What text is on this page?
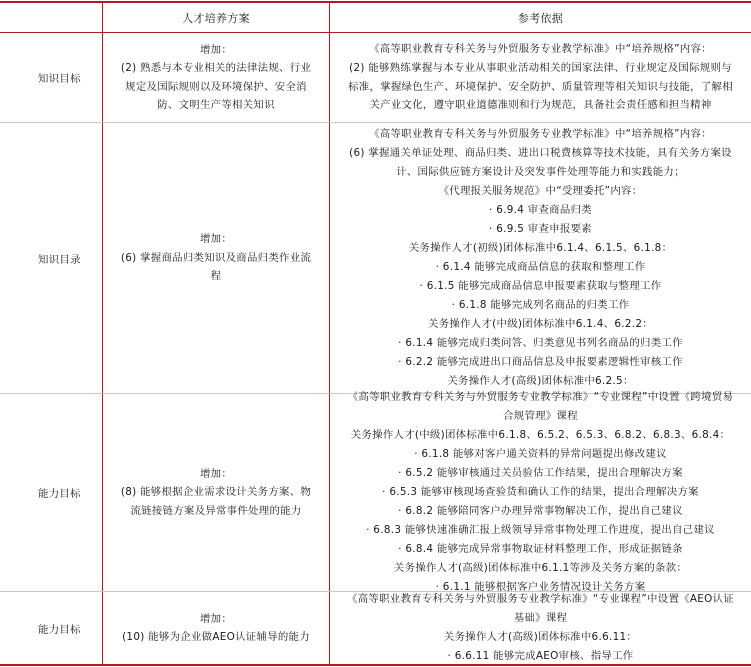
人才培养方案	参考依据
知识目标
增加：
(2) 熟悉与本专业相关的法律法规、行业
规定及国际规则以及环境保护、安全消
防、文明生产等相关知识
《高等职业教育专科关务与外贸服务专业教学标准》中“培养规格”内容：
(2) 能够熟练掌握与本专业从事职业活动相关的国家法律、行业规定及国际规则与
标准，掌握绿色生产、环境保护、安全防护、质量管理等相关知识与技能，了解相
关产业文化，遵守职业道德准则和行为规范，具备社会责任感和担当精神
知识目录
增加：
(6) 掌握商品归类知识及商品归类作业流
程
《高等职业教育专科关务与外贸服务专业教学标准》中“培养规格”内容：
(6) 掌握通关单证处理、商品归类、进出口税费核算等技术技能，具有关务方案设
计、国际供应链方案设计及突发事件处理等能力和实践能力；
《代理报关服务规范》中“受理委托”内容：
· 6.9.4 审查商品归类
· 6.9.5 审查申报要素
关务操作人才(初级)团体标准中6.1.4、6.1.5、6.1.8：
· 6.1.4 能够完成商品信息的获取和整理工作
· 6.1.5 能够完成商品信息申报要素获取与整理工作
· 6.1.8 能够完成列名商品的归类工作
关务操作人才(中级)团体标准中6.1.4、6.2.2：
· 6.1.4 能够完成归类问答、归类意见书列名商品的归类工作
· 6.2.2 能够完成进出口商品信息及申报要素逻辑性审核工作
关务操作人才(高级)团体标准中6.2.5：
能力目标
增加：
(8) 能够根据企业需求设计关务方案、物
流链接链方案及异常事件处理的能力
《高等职业教育专科关务与外贸服务专业教学标准》“专业课程”中设置《跨境贸易
合规管理》课程
关务操作人才(中级)团体标准中6.1.8、6.5.2、6.5.3、6.8.2、6.8.3、6.8.4：
· 6.1.8 能够对客户通关资料的异常问题提出修改建议
· 6.5.2 能够审核通过关员验估工作结果，提出合理解决方案
· 6.5.3 能够审核现场查验货和确认工作的结果，提出合理解决方案
· 6.8.2 能够陪同客户办理异常事物解决工作，提出自己建议
· 6.8.3 能够快速准确汇报上级领导异常事物处理工作进度，提出自己建议
· 6.8.4 能够完成异常事物取证材料整理工作，形成证据链条
关务操作人才(高级)团体标准中6.1.1等涉及关务方案的条款：
· 6.1.1 能够根据客户业务情况设计关务方案
能力目标
增加：
(10) 能够为企业做AEO认证辅导的能力
《高等职业教育专科关务与外贸服务专业教学标准》“专业课程”中设置《AEO认证
基础》课程
关务操作人才(高级)团体标准中6.6.11：
· 6.6.11 能够完成AEO审核、指导工作
